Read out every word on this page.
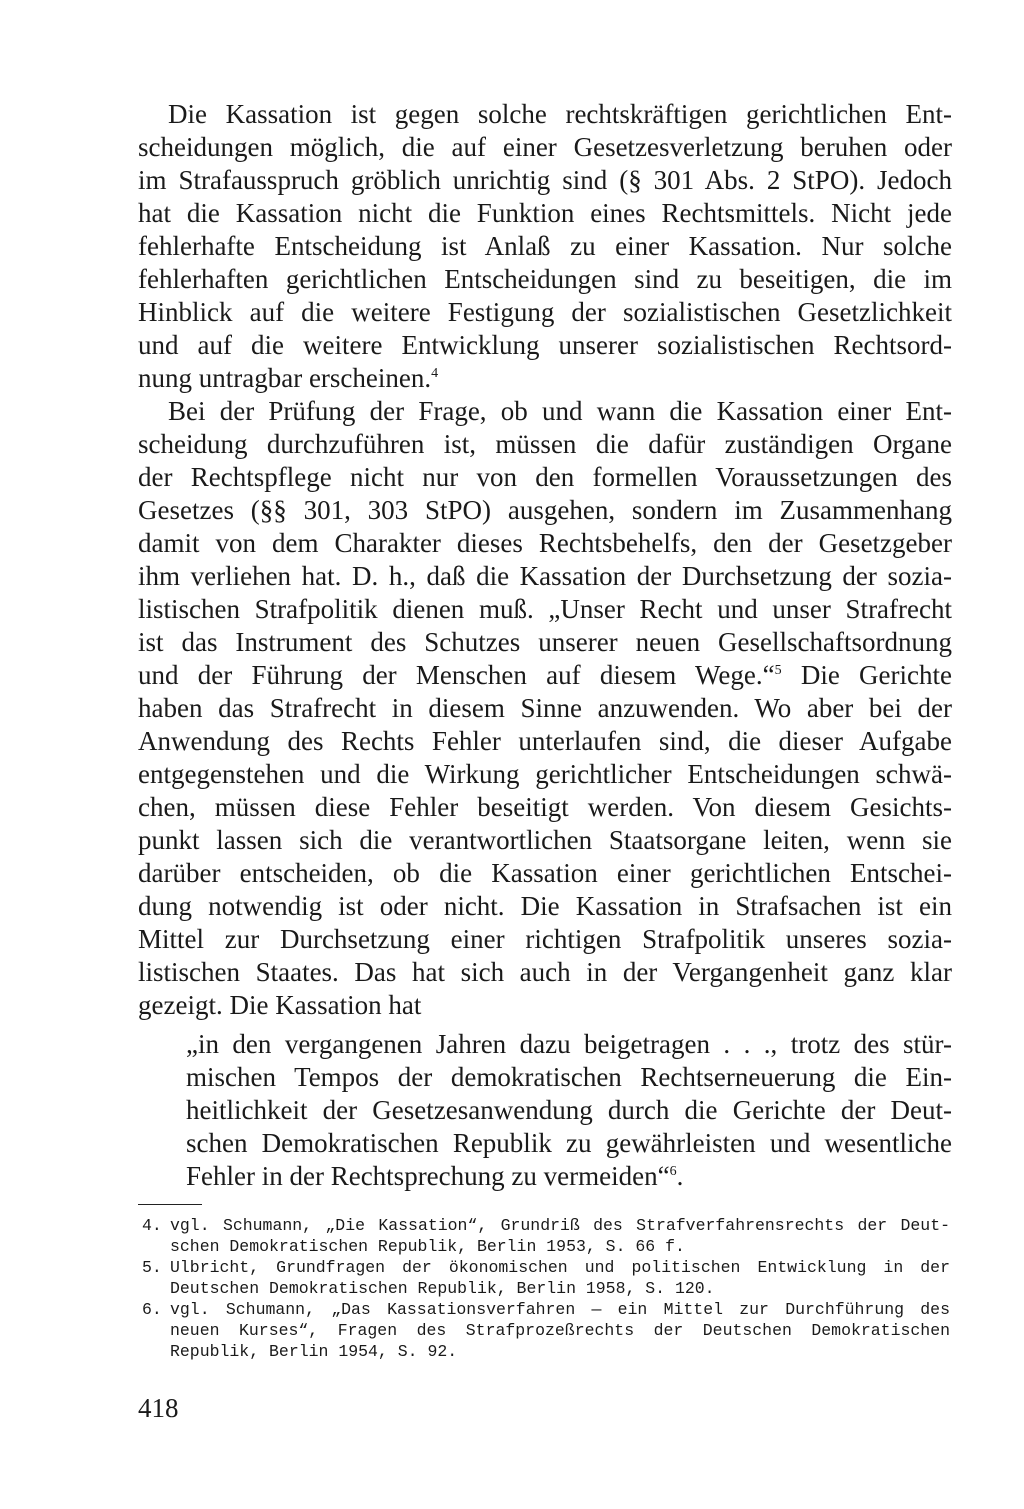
Die Kassation ist gegen solche rechtskräftigen gerichtlichen Ent-

scheidungen möglich, die auf einer Gesetzesverletzung beruhen oder

im Strafausspruch gröblich unrichtig sind (§ 301 Abs. 2 StPO). Jedoch

hat die Kassation nicht die Funktion eines Rechtsmittels. Nicht jede

fehlerhafte Entscheidung ist Anlaß zu einer Kassation. Nur solche

fehlerhaften gerichtlichen Entscheidungen sind zu beseitigen, die im

Hinblick auf die weitere Festigung der sozialistischen Gesetzlichkeit

und auf die weitere Entwicklung unserer sozialistischen Rechtsord-

nung untragbar erscheinen.$^4$

Bei der Prüfung der Frage, ob und wann die Kassation einer Ent-

scheidung durchzuführen ist, müssen die dafür zuständigen Organe

der Rechtspflege nicht nur von den formellen Voraussetzungen des

Gesetzes (§§ 301, 303 StPO) ausgehen, sondern im Zusammenhang

damit von dem Charakter dieses Rechtsbehelfs, den der Gesetzgeber

ihm verliehen hat. D. h., daß die Kassation der Durchsetzung der sozia-

listischen Strafpolitik dienen muß. „Unser Recht und unser Strafrecht

ist das Instrument des Schutzes unserer neuen Gesellschaftsordnung

und der Führung der Menschen auf diesem Wege.“$^5$ Die Gerichte

haben das Strafrecht in diesem Sinne anzuwenden. Wo aber bei der

Anwendung des Rechts Fehler unterlaufen sind, die dieser Aufgabe

entgegenstehen und die Wirkung gerichtlicher Entscheidungen schwä-

chen, müssen diese Fehler beseitigt werden. Von diesem Gesichts-

punkt lassen sich die verantwortlichen Staatsorgane leiten, wenn sie

darüber entscheiden, ob die Kassation einer gerichtlichen Entschei-

dung notwendig ist oder nicht. Die Kassation in Strafsachen ist ein

Mittel zur Durchsetzung einer richtigen Strafpolitik unseres sozia-

listischen Staates. Das hat sich auch in der Vergangenheit ganz klar

gezeigt. Die Kassation hat

„in den vergangenen Jahren dazu beigetragen . . ., trotz des stür-

mischen Tempos der demokratischen Rechtserneuerung die Ein-

heitlichkeit der Gesetzesanwendung durch die Gerichte der Deut-

schen Demokratischen Republik zu gewährleisten und wesentliche

Fehler in der Rechtsprechung zu vermeiden“$^6$.

4. vgl. Schumann, „Die Kassation“, Grundriß des Strafverfahrensrechts der Deut-

schen Demokratischen Republik, Berlin 1953, S. 66 f.

5. Ulbricht, Grundfragen der ökonomischen und politischen Entwicklung in der

Deutschen Demokratischen Republik, Berlin 1958, S. 120.

6. vgl. Schumann, „Das Kassationsverfahren — ein Mittel zur Durchführung des

neuen Kurses“, Fragen des Strafprozeßrechts der Deutschen Demokratischen

Republik, Berlin 1954, S. 92.

418
